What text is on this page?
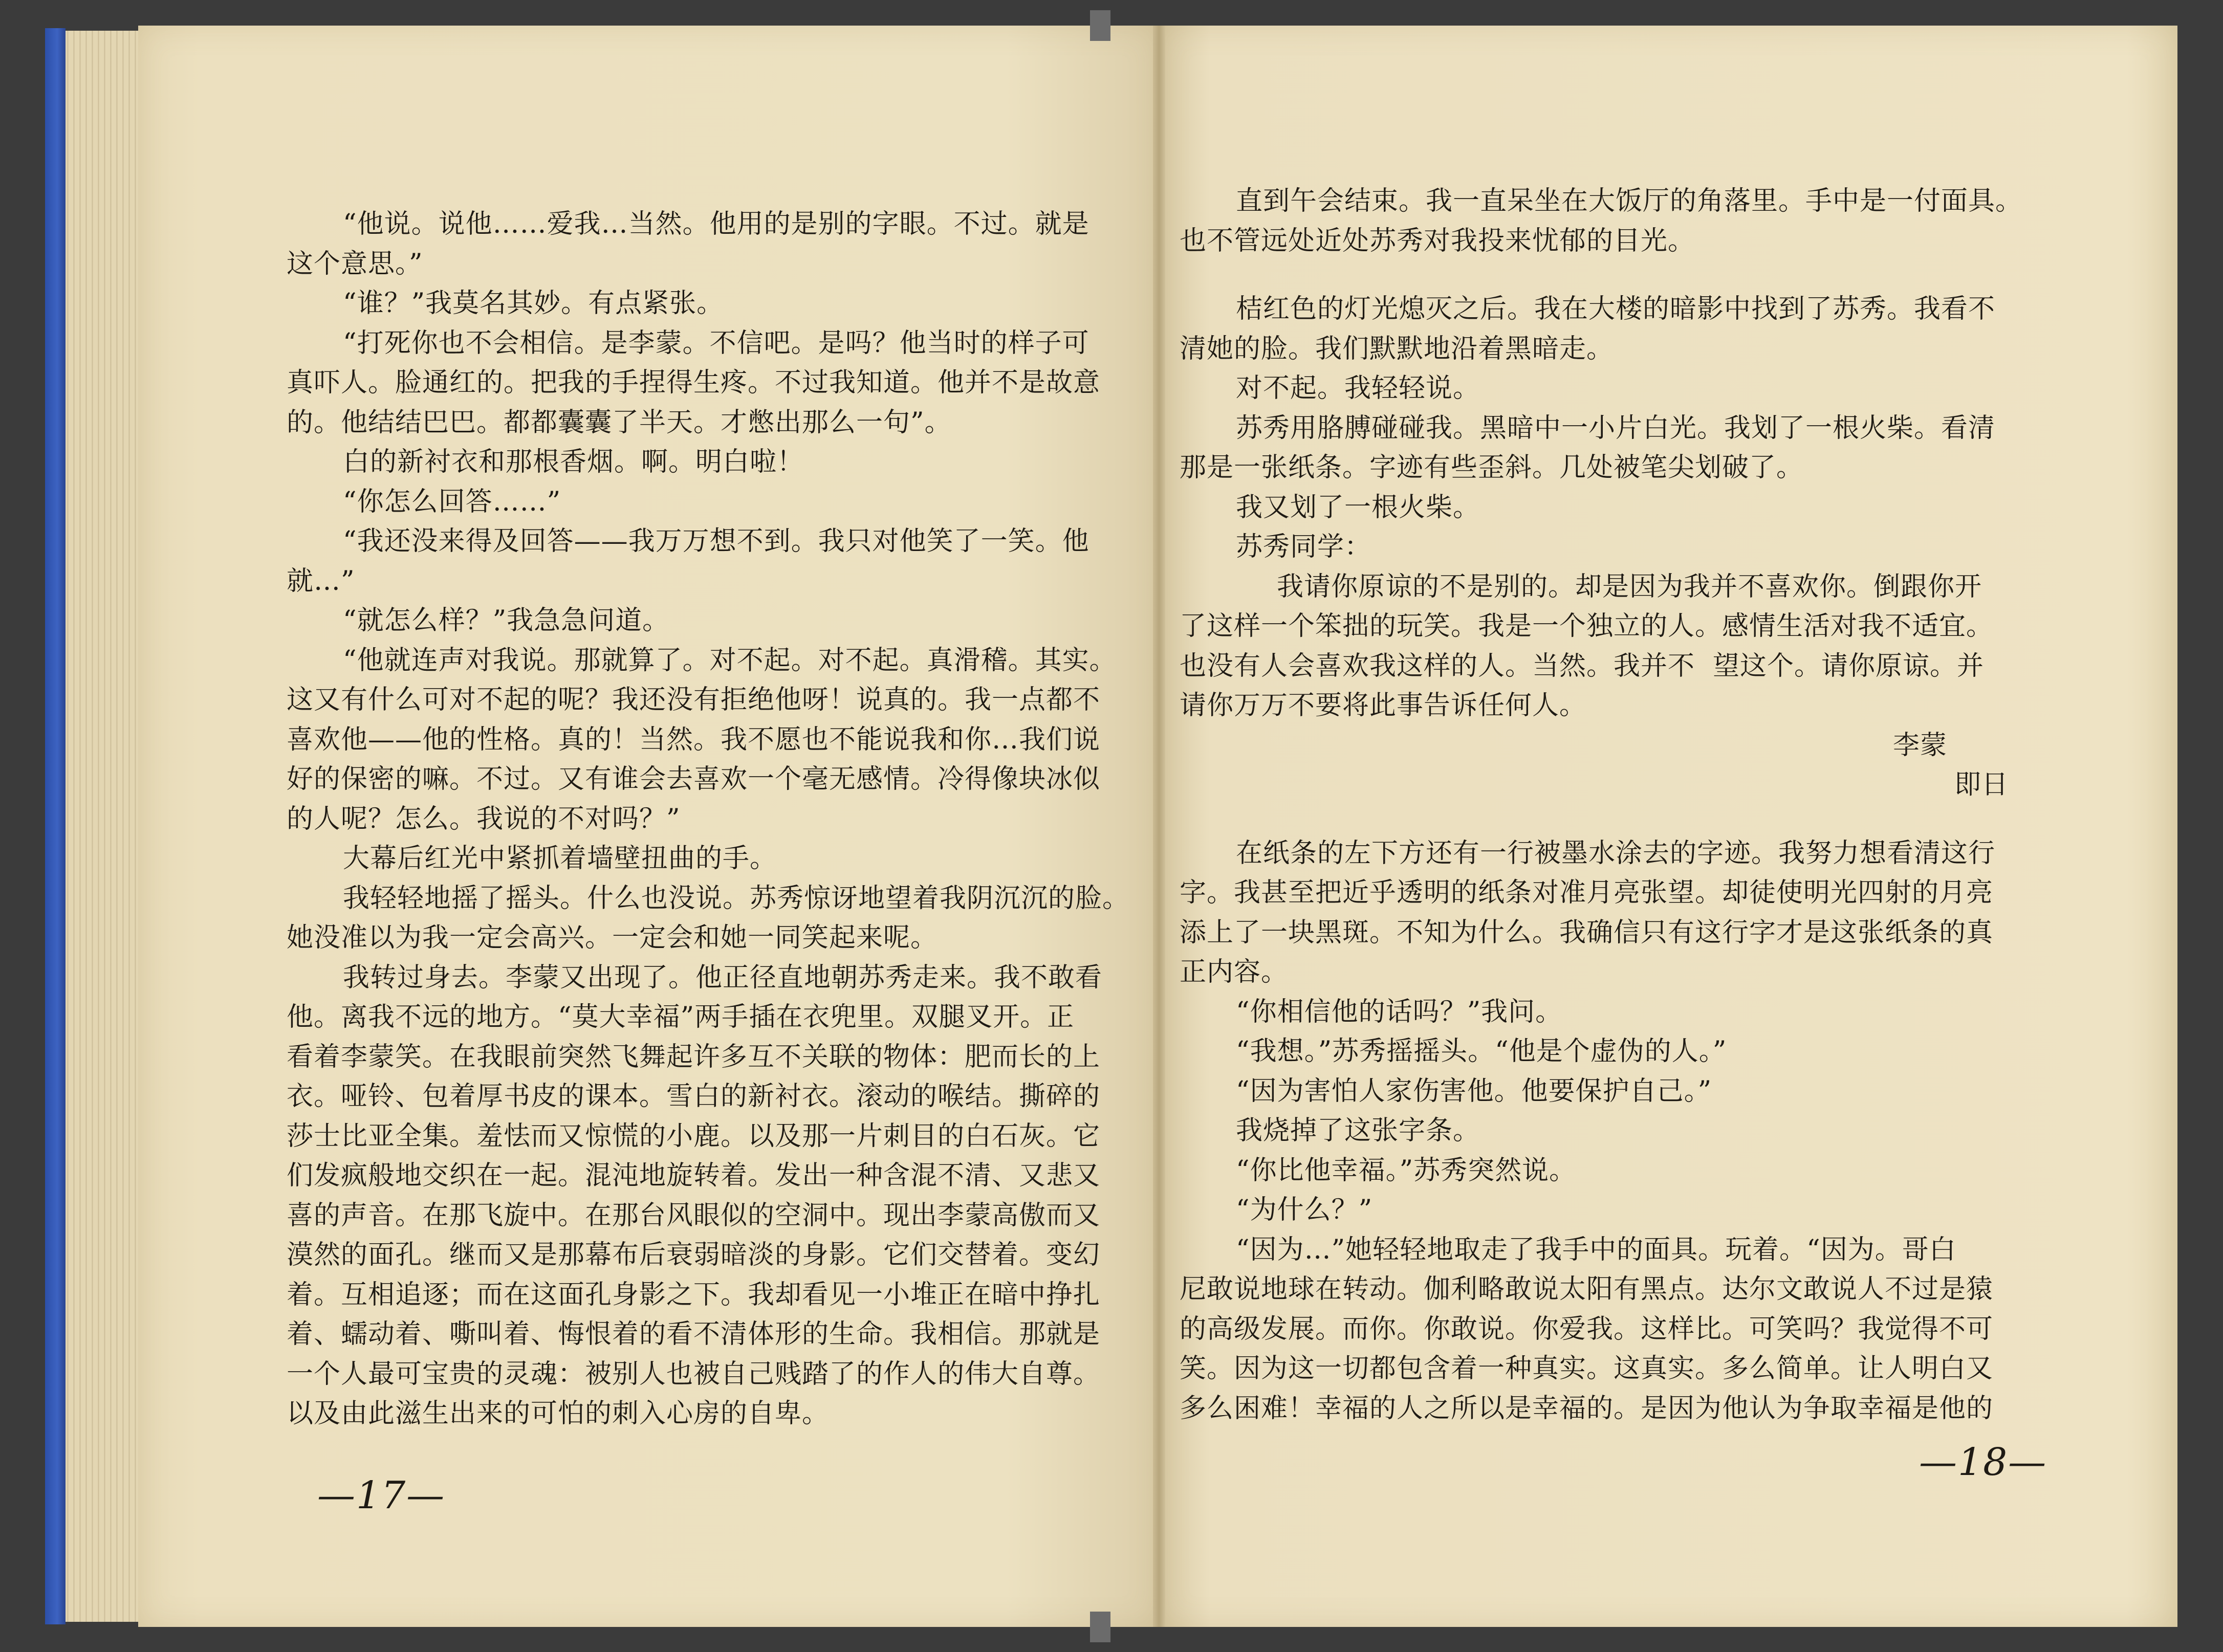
“他说。说他……爱我…当然。他用的是别的字眼。不过。就是
这个意思。”
“谁？”我莫名其妙。有点紧张。
“打死你也不会相信。是李蒙。不信吧。是吗？他当时的样子可
真吓人。脸通红的。把我的手捏得生疼。不过我知道。他并不是故意
的。他结结巴巴。都都囊囊了半天。才憋出那么一句”。
白的新衬衣和那根香烟。啊。明白啦！
“你怎么回答……”
“我还没来得及回答——我万万想不到。我只对他笑了一笑。他
就…”
“就怎么样？”我急急问道。
“他就连声对我说。那就算了。对不起。对不起。真滑稽。其实。
这又有什么可对不起的呢？我还没有拒绝他呀！说真的。我一点都不
喜欢他——他的性格。真的！当然。我不愿也不能说我和你…我们说
好的保密的嘛。不过。又有谁会去喜欢一个毫无感情。冷得像块冰似
的人呢？怎么。我说的不对吗？”
大幕后红光中紧抓着墙壁扭曲的手。
我轻轻地摇了摇头。什么也没说。苏秀惊讶地望着我阴沉沉的脸。
她没准以为我一定会高兴。一定会和她一同笑起来呢。
我转过身去。李蒙又出现了。他正径直地朝苏秀走来。我不敢看
他。离我不远的地方。“莫大幸福”两手插在衣兜里。双腿叉开。正
看着李蒙笑。在我眼前突然飞舞起许多互不关联的物体：肥而长的上
衣。哑铃、包着厚书皮的课本。雪白的新衬衣。滚动的喉结。撕碎的
莎士比亚全集。羞怯而又惊慌的小鹿。以及那一片刺目的白石灰。它
们发疯般地交织在一起。混沌地旋转着。发出一种含混不清、又悲又
喜的声音。在那飞旋中。在那台风眼似的空洞中。现出李蒙高傲而又
漠然的面孔。继而又是那幕布后衰弱暗淡的身影。它们交替着。变幻
着。互相追逐；而在这面孔身影之下。我却看见一小堆正在暗中挣扎
着、蠕动着、嘶叫着、悔恨着的看不清体形的生命。我相信。那就是
一个人最可宝贵的灵魂：被别人也被自己贱踏了的作人的伟大自尊。
以及由此滋生出来的可怕的刺入心房的自卑。
直到午会结束。我一直呆坐在大饭厅的角落里。手中是一付面具。
也不管远处近处苏秀对我投来忧郁的目光。
桔红色的灯光熄灭之后。我在大楼的暗影中找到了苏秀。我看不
清她的脸。我们默默地沿着黑暗走。
对不起。我轻轻说。
苏秀用胳膊碰碰我。黑暗中一小片白光。我划了一根火柴。看清
那是一张纸条。字迹有些歪斜。几处被笔尖划破了。
我又划了一根火柴。
苏秀同学：
我请你原谅的不是别的。却是因为我并不喜欢你。倒跟你开
了这样一个笨拙的玩笑。我是一个独立的人。感情生活对我不适宜。
也没有人会喜欢我这样的人。当然。我并不  望这个。请你原谅。并
请你万万不要将此事告诉任何人。
李蒙
即日
在纸条的左下方还有一行被墨水涂去的字迹。我努力想看清这行
字。我甚至把近乎透明的纸条对准月亮张望。却徒使明光四射的月亮
添上了一块黑斑。不知为什么。我确信只有这行字才是这张纸条的真
正内容。
“你相信他的话吗？”我问。
“我想。”苏秀摇摇头。“他是个虚伪的人。”
“因为害怕人家伤害他。他要保护自己。”
我烧掉了这张字条。
“你比他幸福。”苏秀突然说。
“为什么？”
“因为…”她轻轻地取走了我手中的面具。玩着。“因为。哥白
尼敢说地球在转动。伽利略敢说太阳有黑点。达尔文敢说人不过是猿
的高级发展。而你。你敢说。你爱我。这样比。可笑吗？我觉得不可
笑。因为这一切都包含着一种真实。这真实。多么简单。让人明白又
多么困难！幸福的人之所以是幸福的。是因为他认为争取幸福是他的
—17—
—18—
